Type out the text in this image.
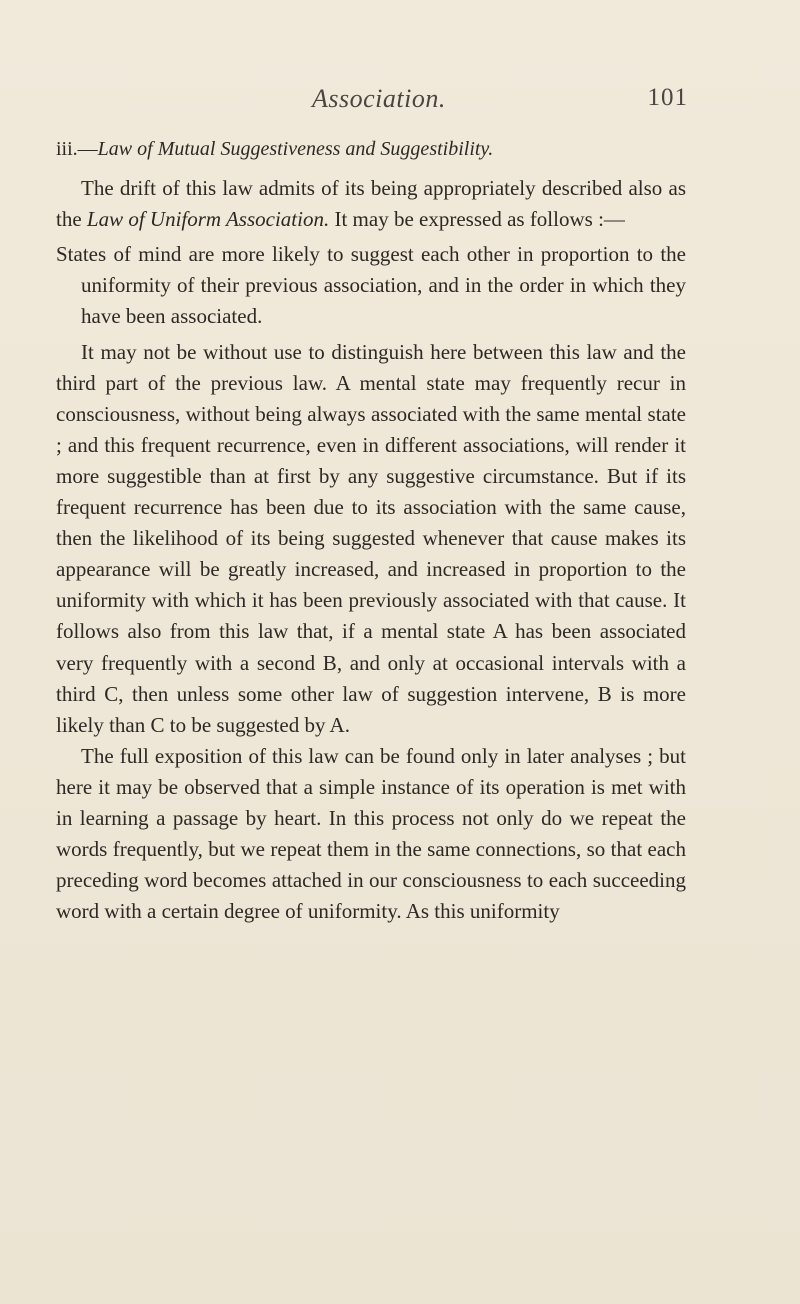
Association.	101

iii.—Law of Mutual Suggestiveness and Suggestibility.

The drift of this law admits of its being appropriately described also as the Law of Uniform Association. It may be expressed as follows :—

States of mind are more likely to suggest each other in proportion to the uniformity of their previous association, and in the order in which they have been associated.

It may not be without use to distinguish here between this law and the third part of the previous law. A mental state may frequently recur in consciousness, without being always associated with the same mental state ; and this frequent recurrence, even in different associations, will render it more suggestible than at first by any suggestive circumstance. But if its frequent recurrence has been due to its association with the same cause, then the likelihood of its being suggested whenever that cause makes its appearance will be greatly increased, and increased in proportion to the uniformity with which it has been previously associated with that cause. It follows also from this law that, if a mental state A has been associated very frequently with a second B, and only at occasional intervals with a third C, then unless some other law of suggestion intervene, B is more likely than C to be suggested by A.

The full exposition of this law can be found only in later analyses ; but here it may be observed that a simple instance of its operation is met with in learning a passage by heart. In this process not only do we repeat the words frequently, but we repeat them in the same connections, so that each preceding word becomes attached in our consciousness to each succeeding word with a certain degree of uniformity. As this uniformity
